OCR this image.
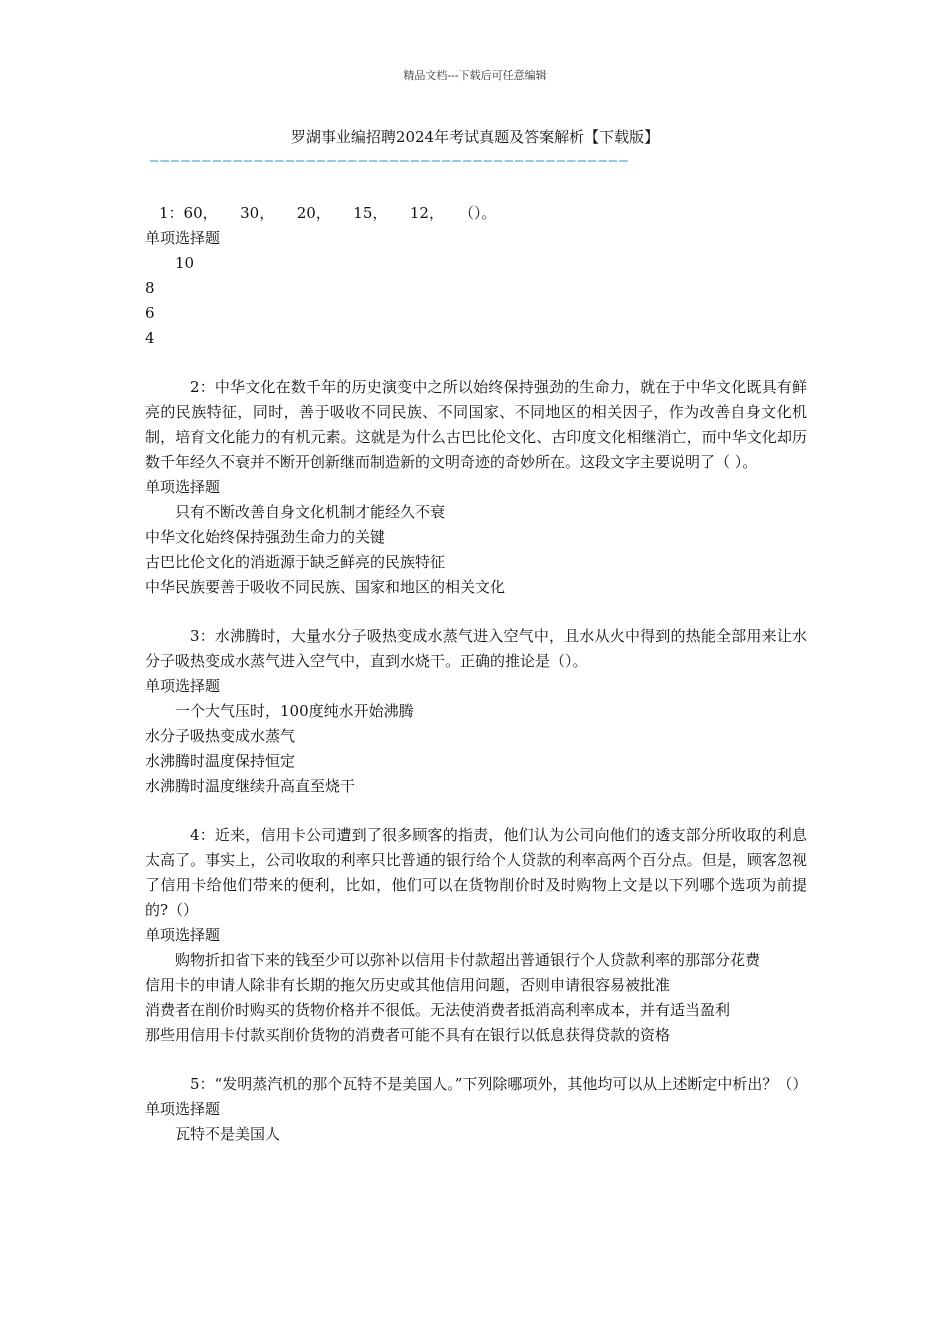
精品文档---下载后可任意编辑
罗湖事业编招聘2024年考试真题及答案解析【下载版】
——————————————————————————————————————————————
1：60，　　30，　　20，　　15，　　12，　　（）。
单项选择题
10
8
6
4
2：中华文化在数千年的历史演变中之所以始终保持强劲的生命力，就在于中华文化既具有鲜亮的民族特征，同时，善于吸收不同民族、不同国家、不同地区的相关因子，作为改善自身文化机制，培育文化能力的有机元素。这就是为什么古巴比伦文化、古印度文化相继消亡，而中华文化却历数千年经久不衰并不断开创新继而制造新的文明奇迹的奇妙所在。这段文字主要说明了（ ）。
单项选择题
只有不断改善自身文化机制才能经久不衰
中华文化始终保持强劲生命力的关键
古巴比伦文化的消逝源于缺乏鲜亮的民族特征
中华民族要善于吸收不同民族、国家和地区的相关文化
3：水沸腾时，大量水分子吸热变成水蒸气进入空气中，且水从火中得到的热能全部用来让水分子吸热变成水蒸气进入空气中，直到水烧干。正确的推论是（）。
单项选择题
一个大气压时，100度纯水开始沸腾
水分子吸热变成水蒸气
水沸腾时温度保持恒定
水沸腾时温度继续升高直至烧干
4：近来，信用卡公司遭到了很多顾客的指责，他们认为公司向他们的透支部分所收取的利息太高了。事实上，公司收取的利率只比普通的银行给个人贷款的利率高两个百分点。但是，顾客忽视了信用卡给他们带来的便利，比如，他们可以在货物削价时及时购物上文是以下列哪个选项为前提的?（）
单项选择题
购物折扣省下来的钱至少可以弥补以信用卡付款超出普通银行个人贷款利率的那部分花费
信用卡的申请人除非有长期的拖欠历史或其他信用问题，否则申请很容易被批准
消费者在削价时购买的货物价格并不很低。无法使消费者抵消高利率成本，并有适当盈利
那些用信用卡付款买削价货物的消费者可能不具有在银行以低息获得贷款的资格
5：“发明蒸汽机的那个瓦特不是美国人。”下列除哪项外，其他均可以从上述断定中析出？（）
单项选择题
瓦特不是美国人
